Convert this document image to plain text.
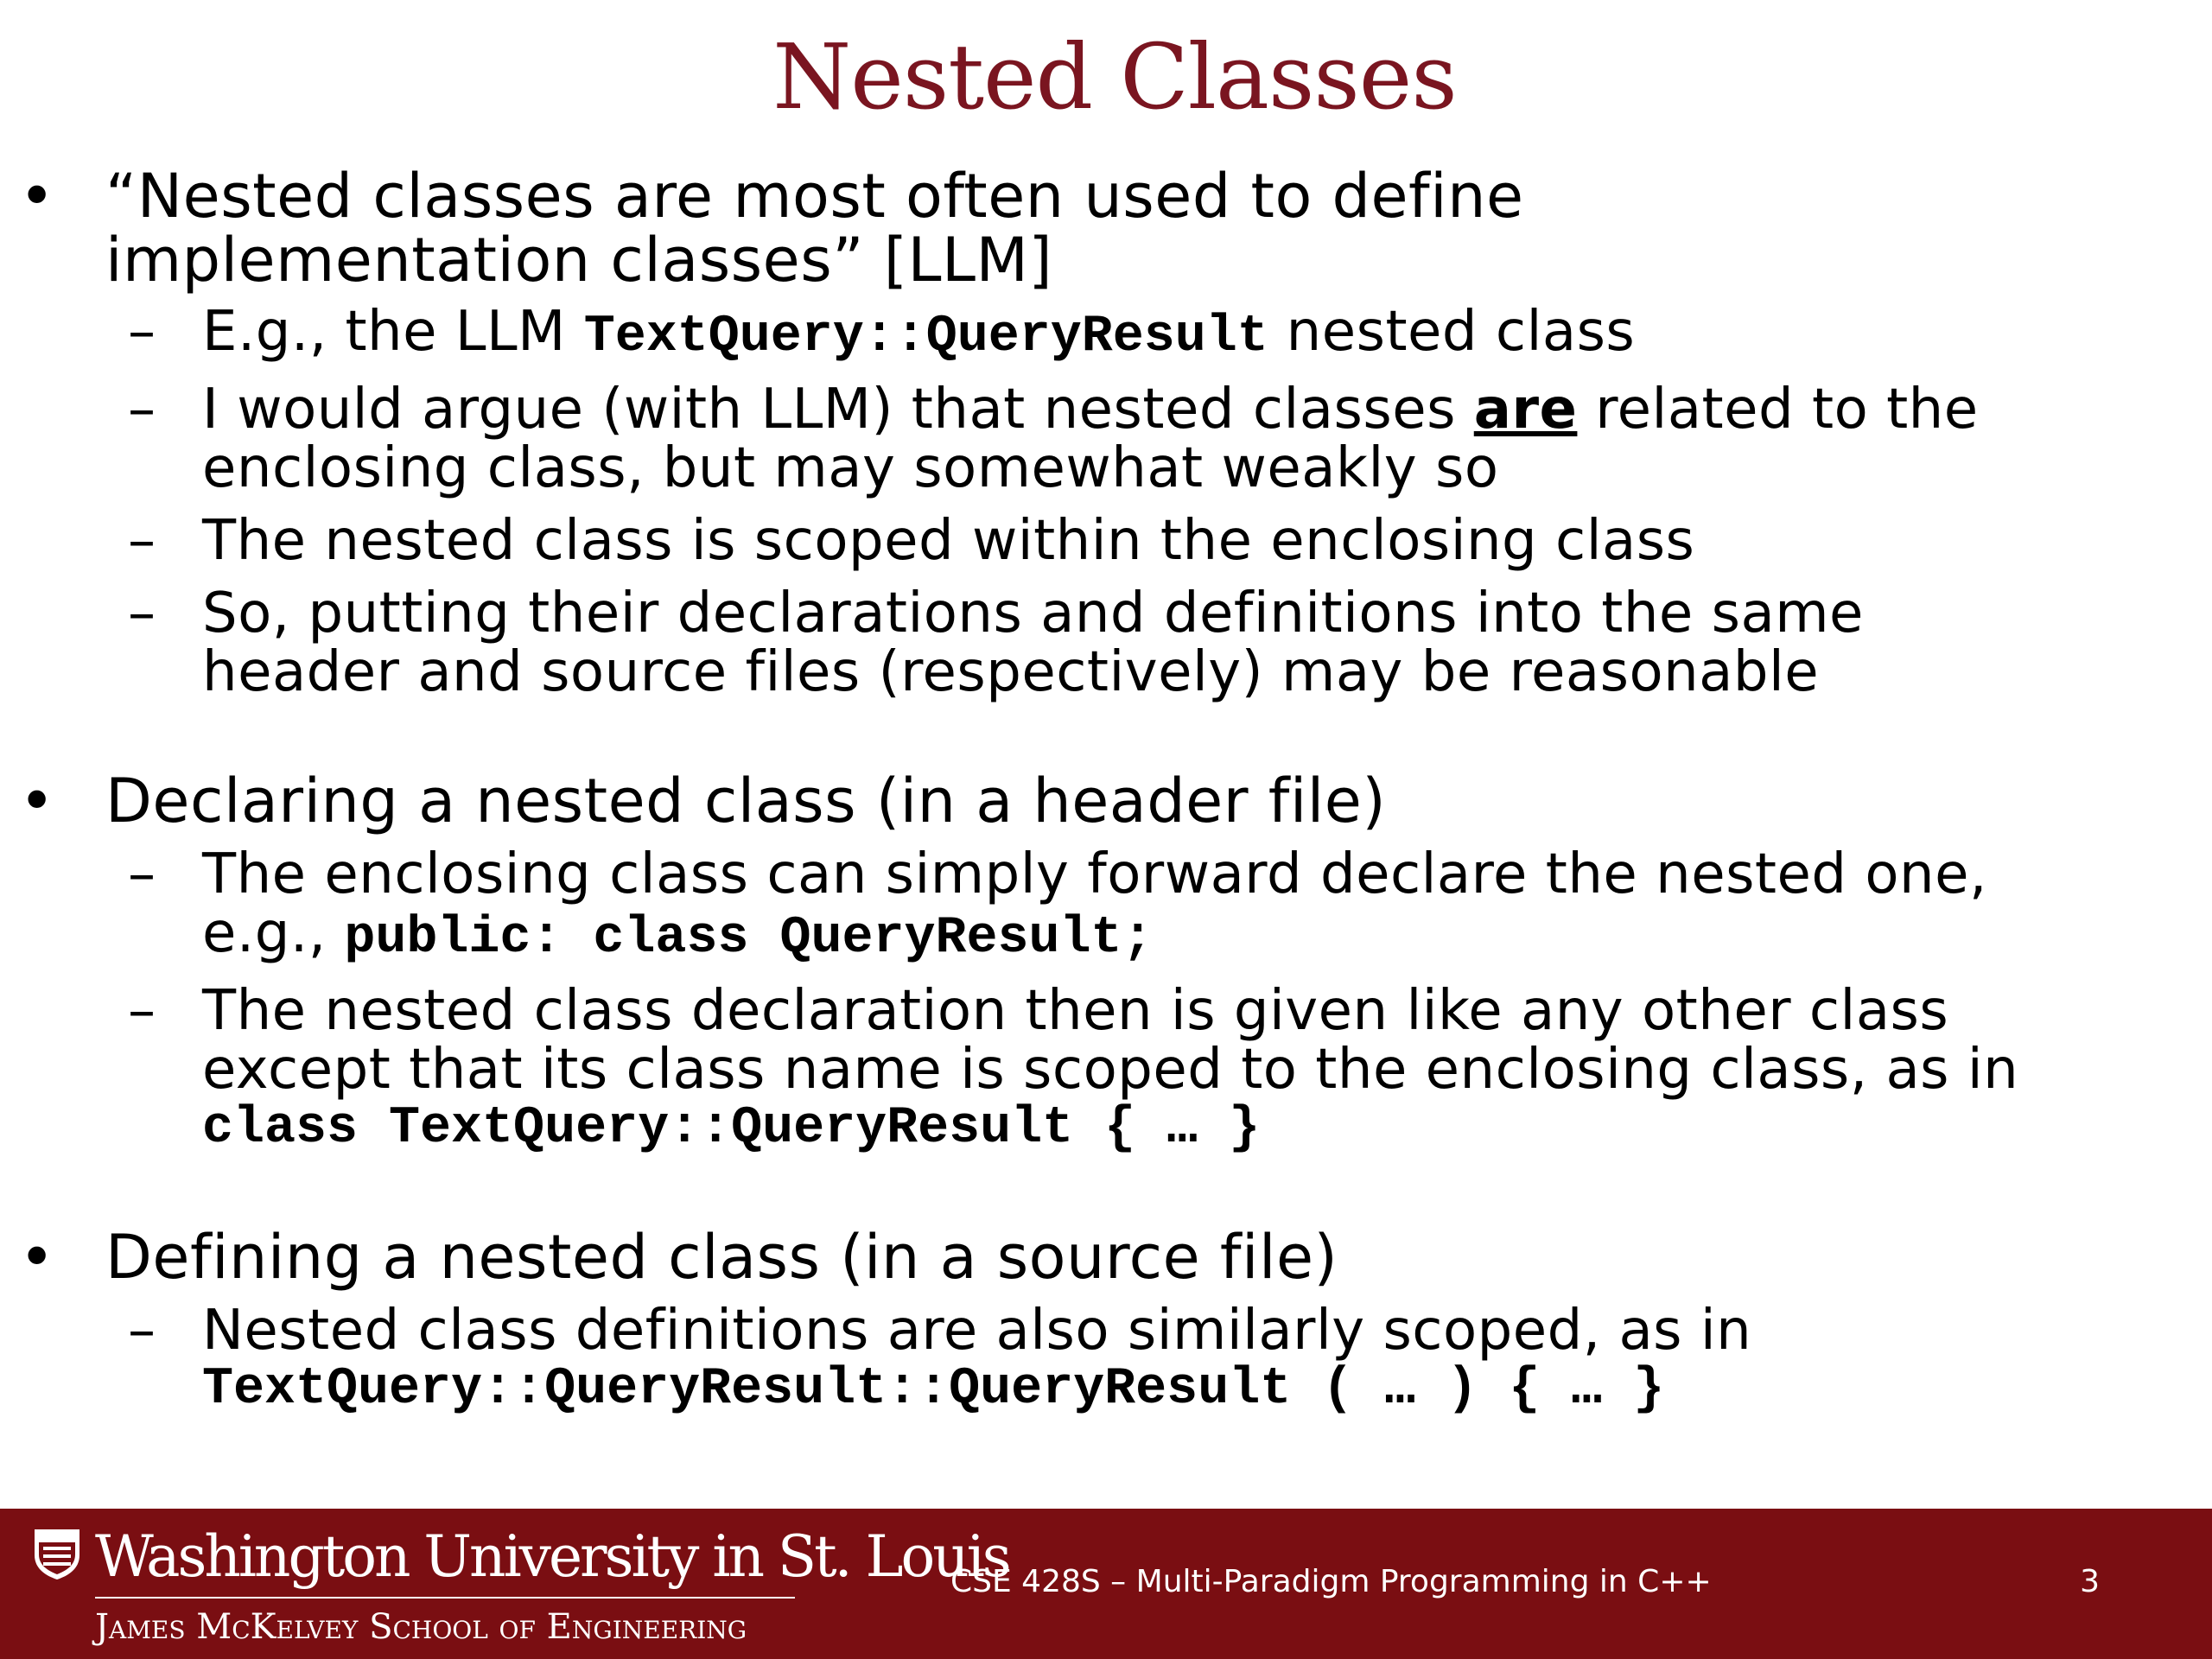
Nested Classes
• “Nested classes are most often used to define
implementation classes” [LLM]
– E.g., the LLM TextQuery::QueryResult nested class
– I would argue (with LLM) that nested classes are related to the
enclosing class, but may somewhat weakly so
– The nested class is scoped within the enclosing class
– So, putting their declarations and definitions into the same
header and source files (respectively) may be reasonable
• Declaring a nested class (in a header file)
– The enclosing class can simply forward declare the nested one,
e.g., public: class QueryResult;
– The nested class declaration then is given like any other class
except that its class name is scoped to the enclosing class, as in
class TextQuery::QueryResult { … }
• Defining a nested class (in a source file)
– Nested class definitions are also similarly scoped, as in
TextQuery::QueryResult::QueryResult ( … ) { … }
Washington University in St. Louis
James McKelvey School of Engineering
CSE 428S – Multi-Paradigm Programming in C++	3
